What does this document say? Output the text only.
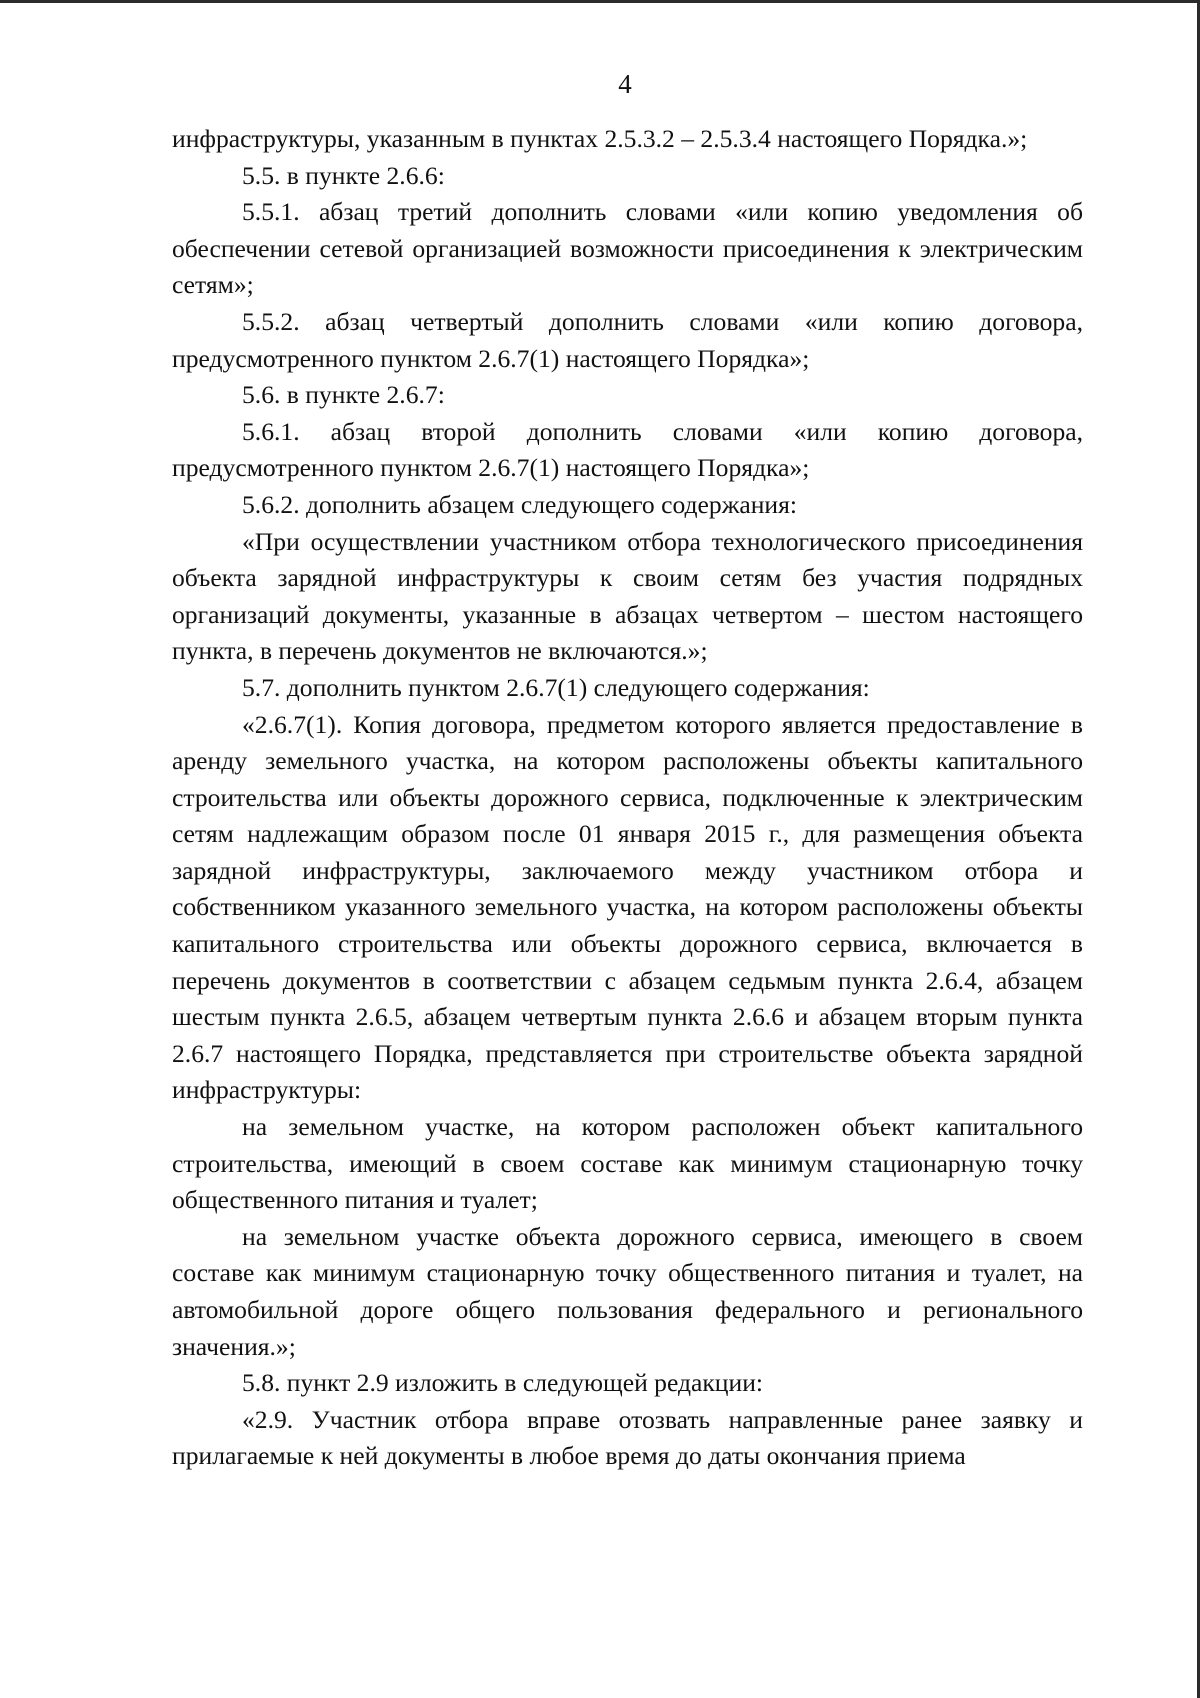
4

инфраструктуры, указанным в пунктах 2.5.3.2 – 2.5.3.4 настоящего Порядка.»;

5.5. в пункте 2.6.6:

5.5.1. абзац третий дополнить словами «или копию уведомления об обеспечении сетевой организацией возможности присоединения к электрическим сетям»;

5.5.2. абзац четвертый дополнить словами «или копию договора, предусмотренного пунктом 2.6.7(1) настоящего Порядка»;

5.6. в пункте 2.6.7:

5.6.1. абзац второй дополнить словами «или копию договора, предусмотренного пунктом 2.6.7(1) настоящего Порядка»;

5.6.2. дополнить абзацем следующего содержания:

«При осуществлении участником отбора технологического присоединения объекта зарядной инфраструктуры к своим сетям без участия подрядных организаций документы, указанные в абзацах четвертом – шестом настоящего пункта, в перечень документов не включаются.»;

5.7. дополнить пунктом 2.6.7(1) следующего содержания:

«2.6.7(1). Копия договора, предметом которого является предоставление в аренду земельного участка, на котором расположены объекты капитального строительства или объекты дорожного сервиса, подключенные к электрическим сетям надлежащим образом после 01 января 2015 г., для размещения объекта зарядной инфраструктуры, заключаемого между участником отбора и собственником указанного земельного участка, на котором расположены объекты капитального строительства или объекты дорожного сервиса, включается в перечень документов в соответствии с абзацем седьмым пункта 2.6.4, абзацем шестым пункта 2.6.5, абзацем четвертым пункта 2.6.6 и абзацем вторым пункта 2.6.7 настоящего Порядка, представляется при строительстве объекта зарядной инфраструктуры:

на земельном участке, на котором расположен объект капитального строительства, имеющий в своем составе как минимум стационарную точку общественного питания и туалет;

на земельном участке объекта дорожного сервиса, имеющего в своем составе как минимум стационарную точку общественного питания и туалет, на автомобильной дороге общего пользования федерального и регионального значения.»;

5.8. пункт 2.9 изложить в следующей редакции:

«2.9. Участник отбора вправе отозвать направленные ранее заявку и прилагаемые к ней документы в любое время до даты окончания приема
